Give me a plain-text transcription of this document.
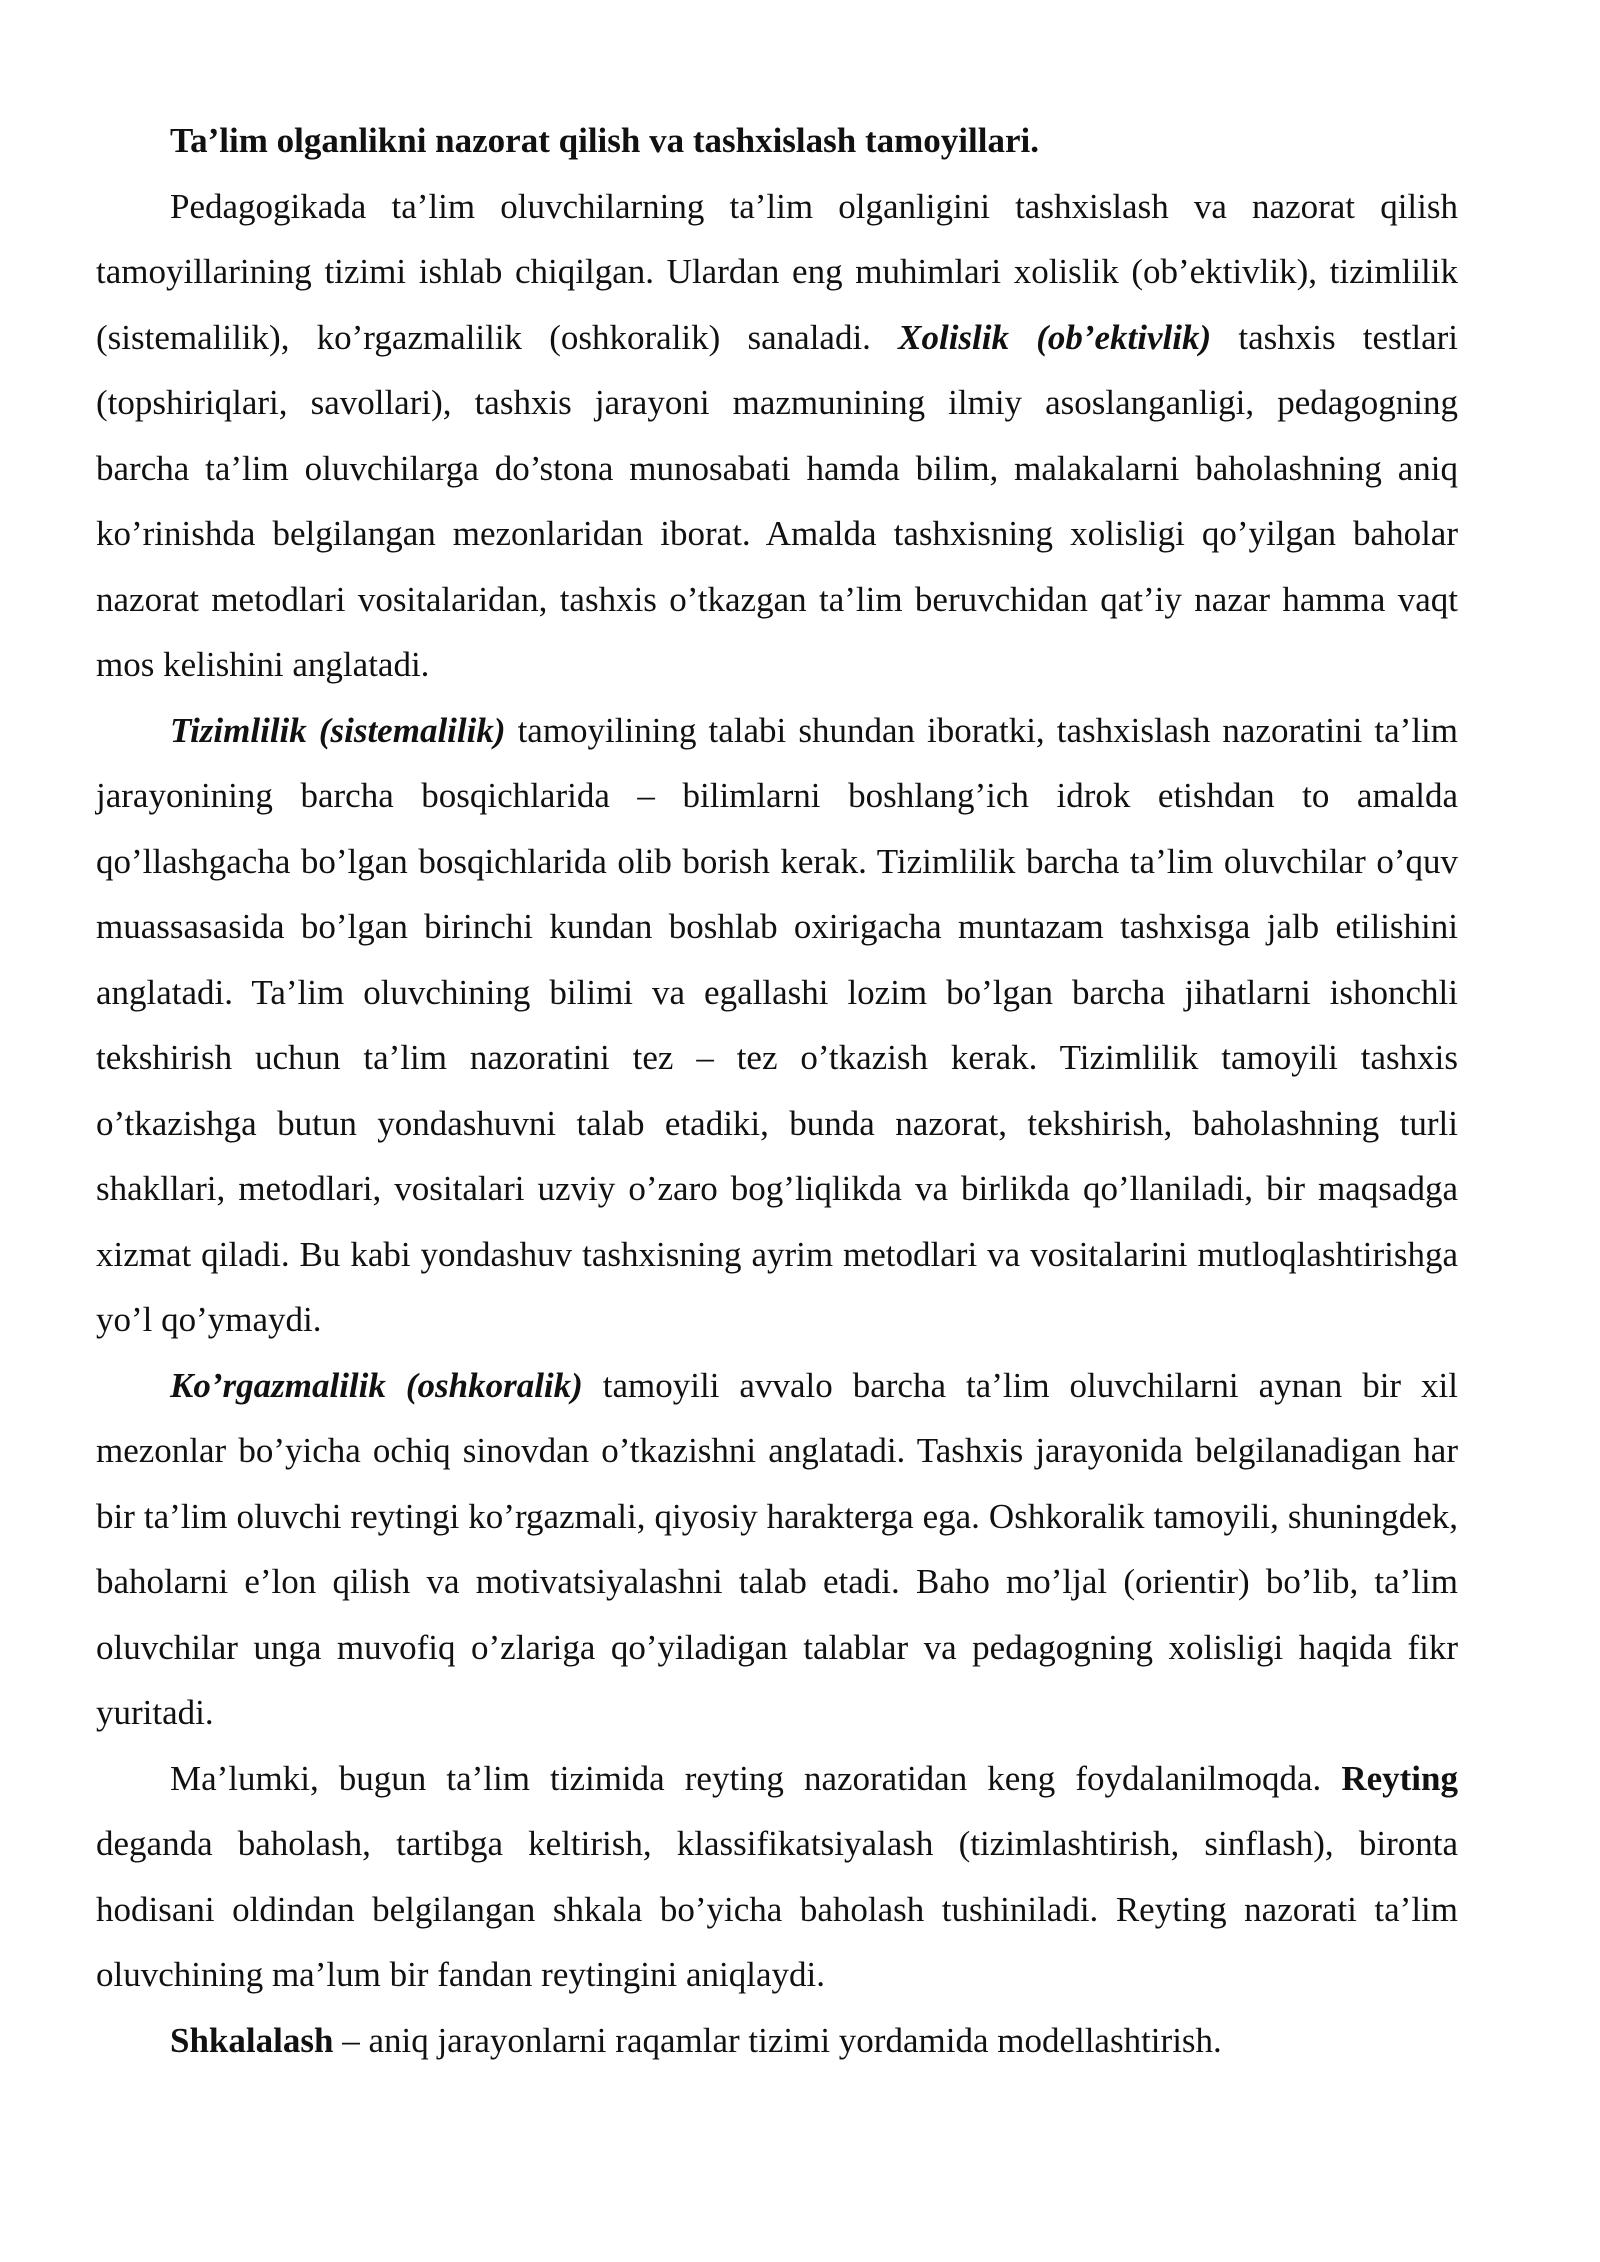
Ta’lim olganlikni nazorat qilish va tashxislash tamoyillari.

Pedagogikada ta’lim oluvchilarning ta’lim olganligini tashxislash va nazorat qilish tamoyillarining tizimi ishlab chiqilgan. Ulardan eng muhimlari xolislik (ob’ektivlik), tizimlilik (sistemalilik), ko’rgazmalilik (oshkoralik) sanaladi. Xolislik (ob’ektivlik) tashxis testlari (topshiriqlari, savollari), tashxis jarayoni mazmunining ilmiy asoslanganligi, pedagogning barcha ta’lim oluvchilarga do’stona munosabati hamda bilim, malakalarni baholashning aniq ko’rinishda belgilangan mezonlaridan iborat. Amalda tashxisning xolisligi qo’yilgan baholar nazorat metodlari vositalaridan, tashxis o’tkazgan ta’lim beruvchidan qat’iy nazar hamma vaqt mos kelishini anglatadi.

Tizimlilik (sistemalilik) tamoyilining talabi shundan iboratki, tashxislash nazoratini ta’lim jarayonining barcha bosqichlarida – bilimlarni boshlang’ich idrok etishdan to amalda qo’llashgacha bo’lgan bosqichlarida olib borish kerak. Tizimlilik barcha ta’lim oluvchilar o’quv muassasasida bo’lgan birinchi kundan boshlab oxirigacha muntazam tashxisga jalb etilishini anglatadi. Ta’lim oluvchining bilimi va egallashi lozim bo’lgan barcha jihatlarni ishonchli tekshirish uchun ta’lim nazoratini tez – tez o’tkazish kerak. Tizimlilik tamoyili tashxis o’tkazishga butun yondashuvni talab etadiki, bunda nazorat, tekshirish, baholashning turli shakllari, metodlari, vositalari uzviy o’zaro bog’liqlikda va birlikda qo’llaniladi, bir maqsadga xizmat qiladi. Bu kabi yondashuv tashxisning ayrim metodlari va vositalarini mutloqlashtirishga yo’l qo’ymaydi.

Ko’rgazmalilik (oshkoralik) tamoyili avvalo barcha ta’lim oluvchilarni aynan bir xil mezonlar bo’yicha ochiq sinovdan o’tkazishni anglatadi. Tashxis jarayonida belgilanadigan har bir ta’lim oluvchi reytingi ko’rgazmali, qiyosiy harakterga ega. Oshkoralik tamoyili, shuningdek, baholarni e’lon qilish va motivatsiyalashni talab etadi. Baho mo’ljal (orientir) bo’lib, ta’lim oluvchilar unga muvofiq o’zlariga qo’yiladigan talablar va pedagogning xolisligi haqida fikr yuritadi.

Ma’lumki, bugun ta’lim tizimida reyting nazoratidan keng foydalanilmoqda. Reyting deganda baholash, tartibga keltirish, klassifikatsiyalash (tizimlashtirish, sinflash), bironta hodisani oldindan belgilangan shkala bo’yicha baholash tushiniladi. Reyting nazorati ta’lim oluvchining ma’lum bir fandan reytingini aniqlaydi.

Shkalalash – aniq jarayonlarni raqamlar tizimi yordamida modellashtirish.
